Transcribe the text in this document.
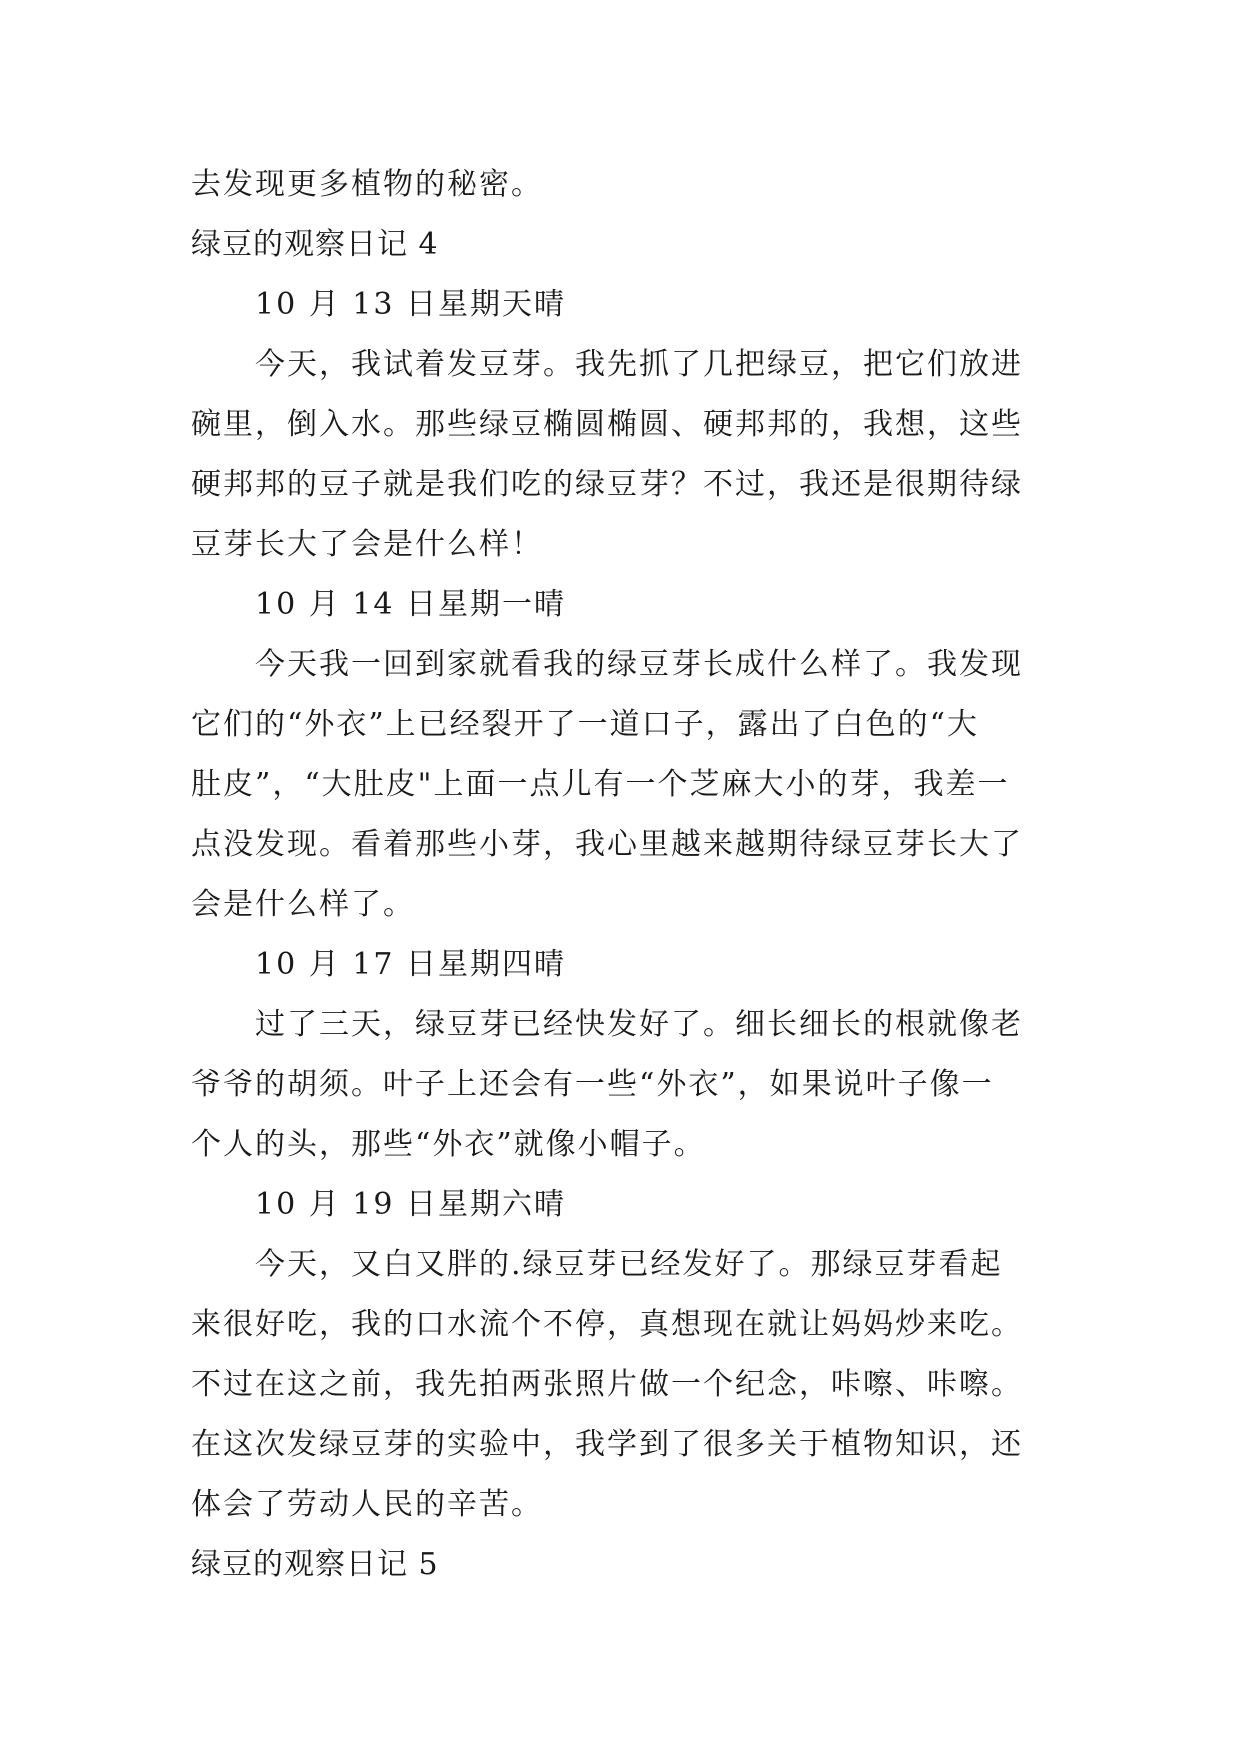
去发现更多植物的秘密。

绿豆的观察日记 4

10 月 13 日星期天晴

今天，我试着发豆芽。我先抓了几把绿豆，把它们放进

碗里，倒入水。那些绿豆椭圆椭圆、硬邦邦的，我想，这些

硬邦邦的豆子就是我们吃的绿豆芽？不过，我还是很期待绿

豆芽长大了会是什么样！

10 月 14 日星期一晴

今天我一回到家就看我的绿豆芽长成什么样了。我发现

它们的“外衣”上已经裂开了一道口子，露出了白色的“大

肚皮”，“大肚皮"上面一点儿有一个芝麻大小的芽，我差一

点没发现。看着那些小芽，我心里越来越期待绿豆芽长大了

会是什么样了。

10 月 17 日星期四晴

过了三天，绿豆芽已经快发好了。细长细长的根就像老

爷爷的胡须。叶子上还会有一些“外衣”，如果说叶子像一

个人的头，那些“外衣”就像小帽子。

10 月 19 日星期六晴

今天，又白又胖的.绿豆芽已经发好了。那绿豆芽看起

来很好吃，我的口水流个不停，真想现在就让妈妈炒来吃。

不过在这之前，我先拍两张照片做一个纪念，咔嚓、咔嚓。

在这次发绿豆芽的实验中，我学到了很多关于植物知识，还

体会了劳动人民的辛苦。

绿豆的观察日记 5
